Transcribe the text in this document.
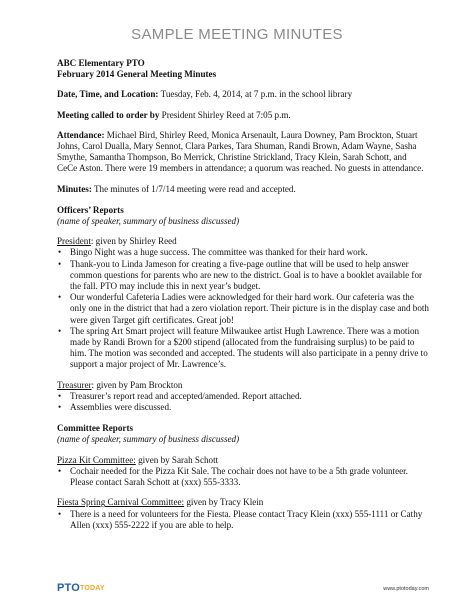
SAMPLE MEETING MINUTES

ABC Elementary PTO

February 2014 General Meeting Minutes

Date, Time, and Location: Tuesday, Feb. 4, 2014, at 7 p.m. in the school library

Meeting called to order by President Shirley Reed at 7:05 p.m.

Attendance: Michael Bird, Shirley Reed, Monica Arsenault, Laura Downey, Pam Brockton, Stuart Johns, Carol Dualla, Mary Sennot, Clara Parkes, Tara Shuman, Randi Brown, Adam Wayne, Sasha Smythe, Samantha Thompson, Bo Merrick, Christine Strickland, Tracy Klein, Sarah Schott, and CeCe Aston. There were 19 members in attendance; a quorum was reached. No guests in attendance.

Minutes: The minutes of 1/7/14 meeting were read and accepted.

Officers’ Reports

(name of speaker, summary of business discussed)

President: given by Shirley Reed

• Bingo Night was a huge success. The committee was thanked for their hard work.
• Thank-you to Linda Jameson for creating a five-page outline that will be used to help answer common questions for parents who are new to the district. Goal is to have a booklet available for the fall. PTO may include this in next year’s budget.
• Our wonderful Cafeteria Ladies were acknowledged for their hard work. Our cafeteria was the only one in the district that had a zero violation report. Their picture is in the display case and both were given Target gift certificates. Great job!
• The spring Art Smart project will feature Milwaukee artist Hugh Lawrence. There was a motion made by Randi Brown for a $200 stipend (allocated from the fundraising surplus) to be paid to him. The motion was seconded and accepted. The students will also participate in a penny drive to support a major project of Mr. Lawrence’s.

Treasurer: given by Pam Brockton

• Treasurer’s report read and accepted/amended. Report attached.
• Assemblies were discussed.

Committee Reports

(name of speaker, summary of business discussed)

Pizza Kit Committee: given by Sarah Schott

• Cochair needed for the Pizza Kit Sale. The cochair does not have to be a 5th grade volunteer. Please contact Sarah Schott at (xxx) 555-3333.

Fiesta Spring Carnival Committee: given by Tracy Klein

• There is a need for volunteers for the Fiesta. Please contact Tracy Klein (xxx) 555-1111 or Cathy Allen (xxx) 555-2222 if you are able to help.
PTOTODAY	www.ptotoday.com
